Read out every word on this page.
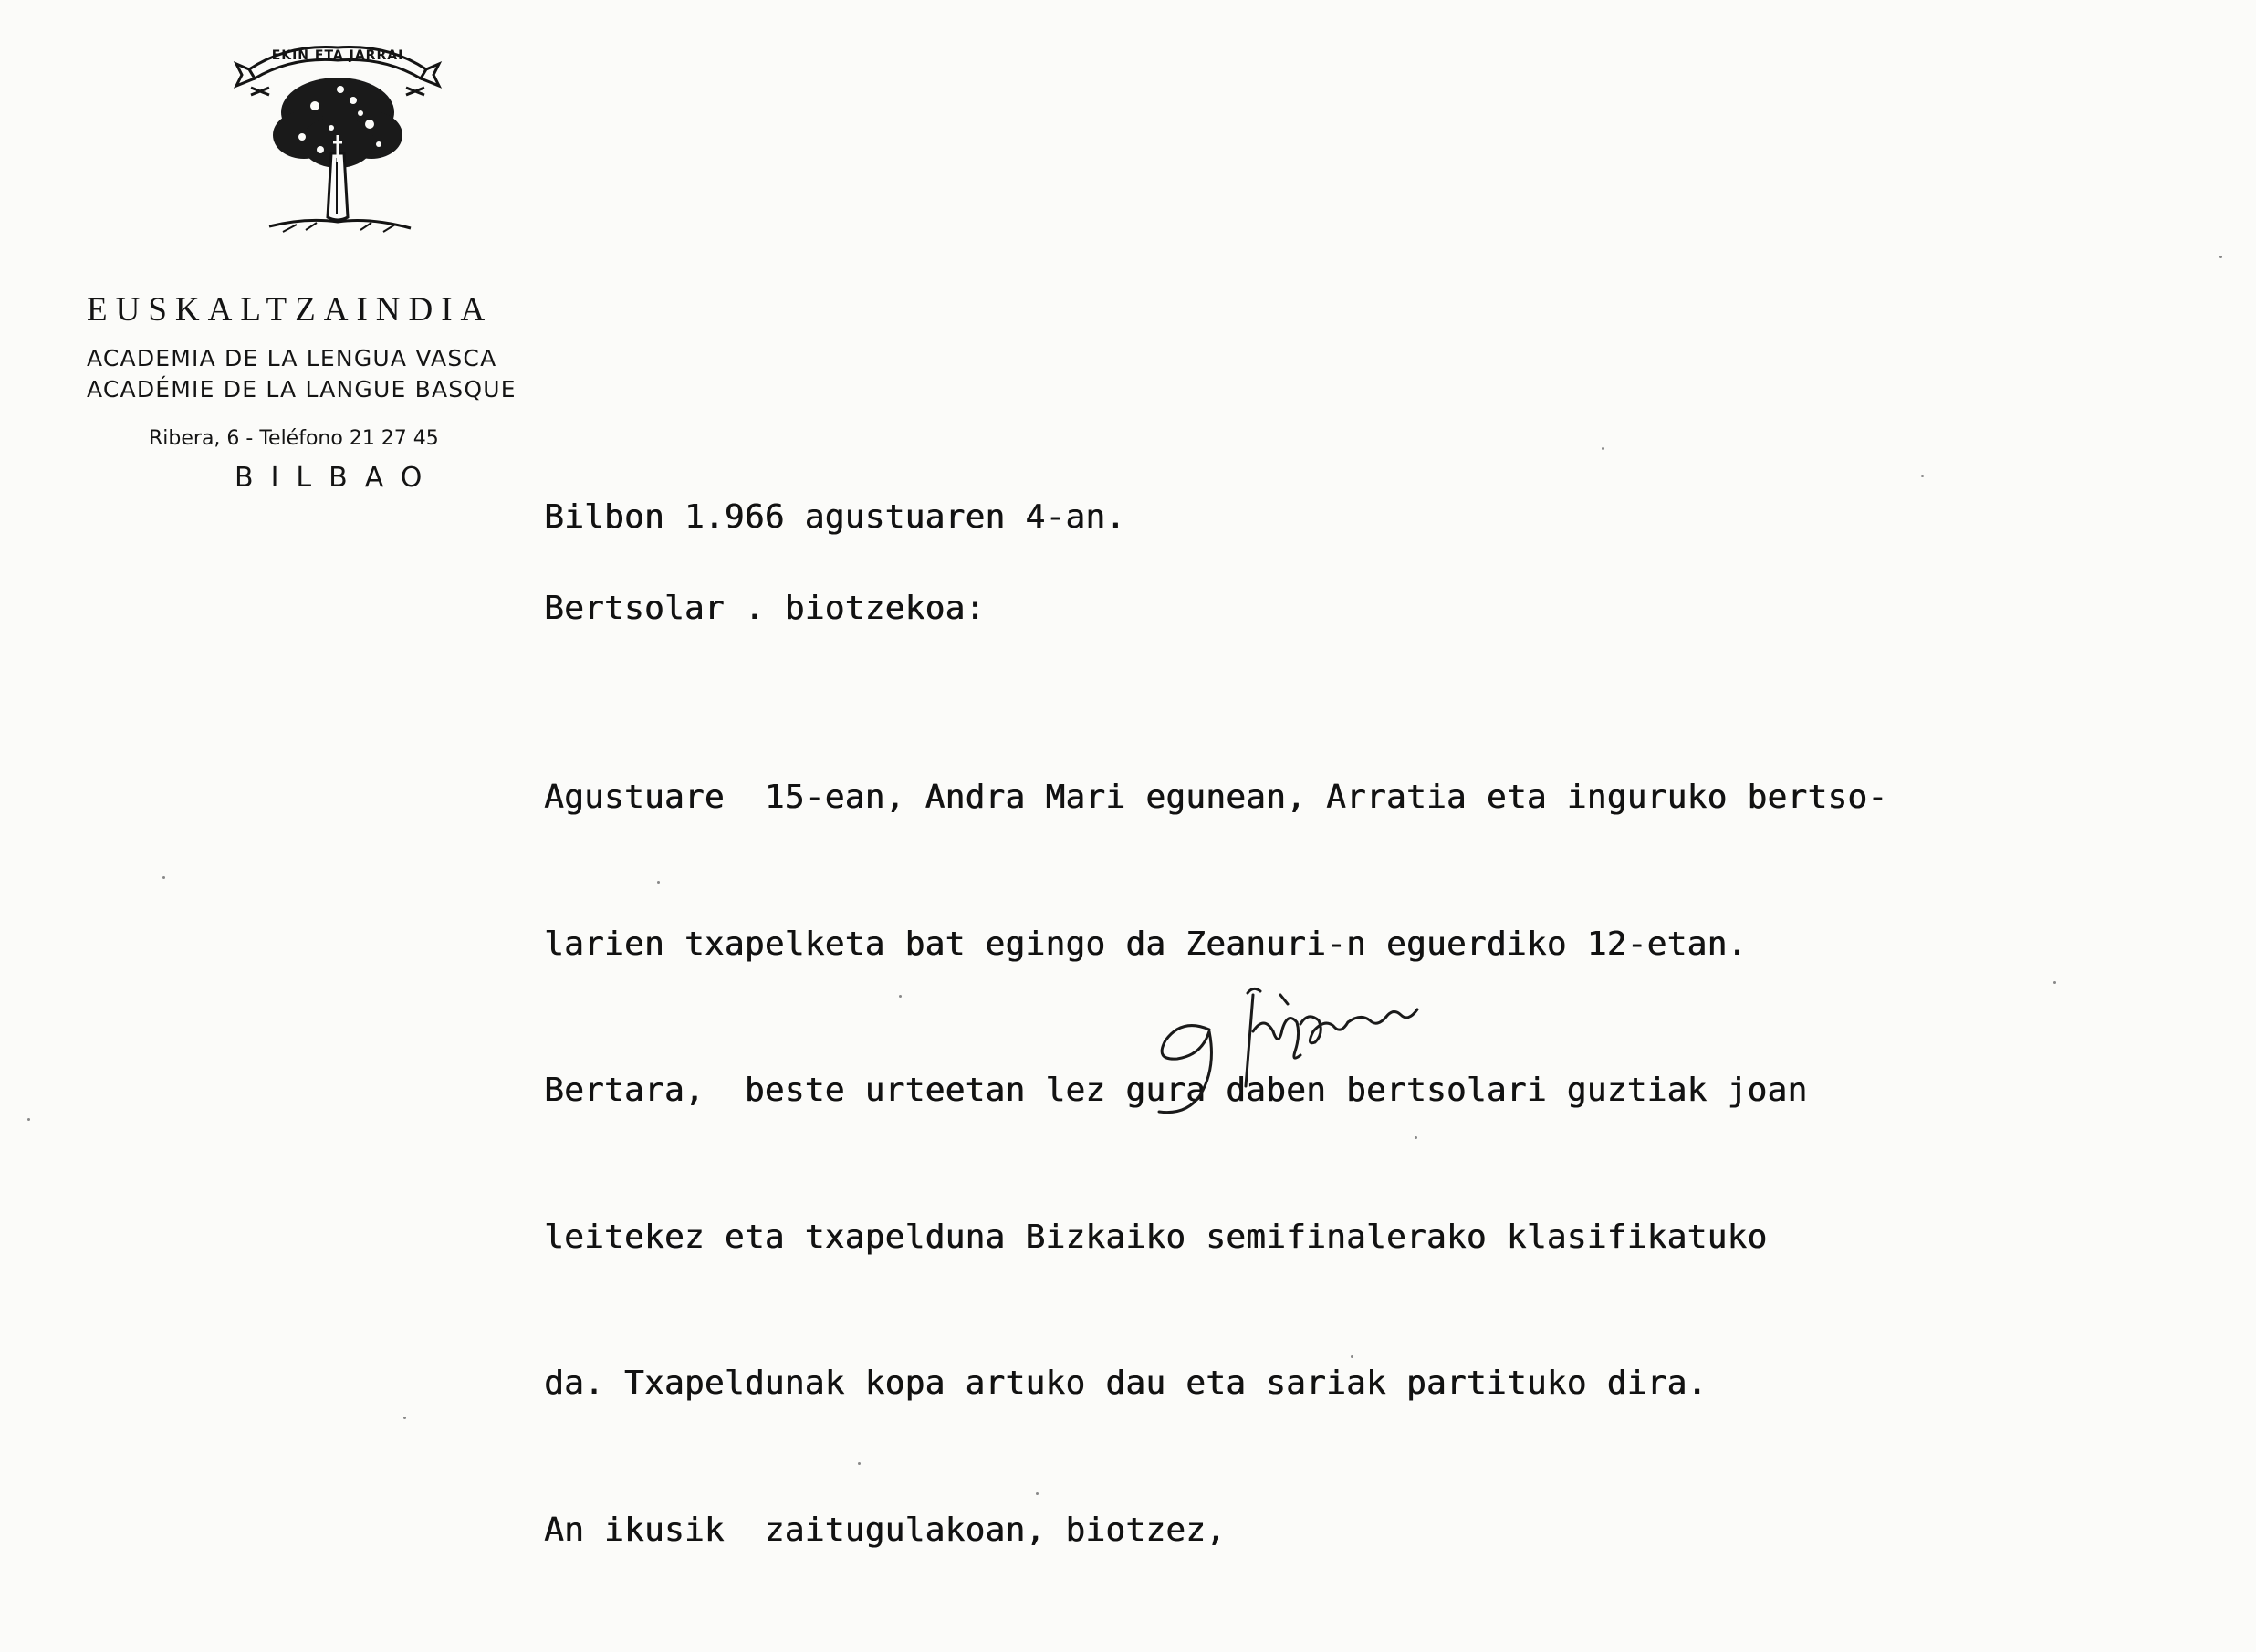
EKIN ETA JARRAI
EUSKALTZAINDIA
ACADEMIA DE LA LENGUA VASCA
ACADÉMIE DE LA LANGUE BASQUE
Ribera, 6 - Teléfono 21 27 45
BILBAO
Bilbon 1.966 agustuaren 4-an.
Bertsolar . biotzekoa:

Agustuare  15-ean, Andra Mari egunean, Arratia eta inguruko bertso-

larien txapelketa bat egingo da Zeanuri-n eguerdiko 12-etan.

Bertara,  beste urteetan lez gura daben bertsolari guztiak joan

leitekez eta txapelduna Bizkaiko semifinalerako klasifikatuko

da. Txapeldunak kopa artuko dau eta sariak partituko dira.

An ikusik  zaitugulakoan, biotzez,
